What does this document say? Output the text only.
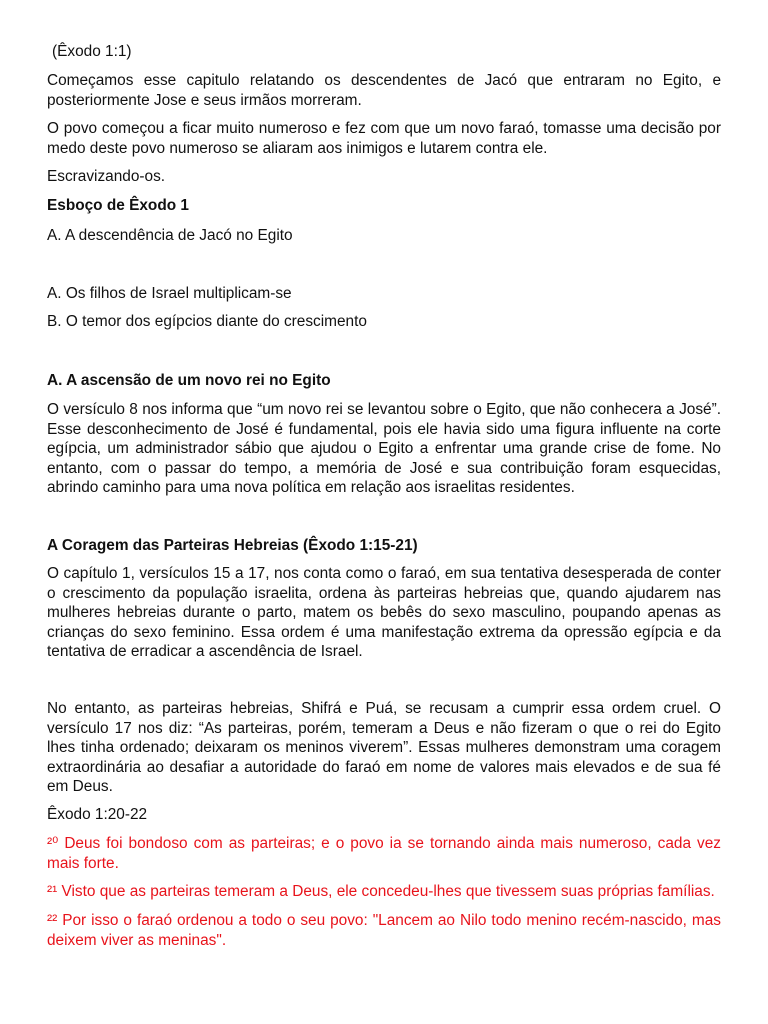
(Êxodo 1:1)

Começamos esse capitulo relatando os descendentes de Jacó que entraram no Egito, e posteriormente Jose e seus irmãos morreram.

O povo começou a ficar muito numeroso e fez com que um novo faraó, tomasse uma decisão por medo deste povo numeroso se aliaram aos inimigos e lutarem contra ele.

Escravizando-os.

Esboço de Êxodo 1

A. A descendência de Jacó no Egito

A. Os filhos de Israel multiplicam-se

B. O temor dos egípcios diante do crescimento

A. A ascensão de um novo rei no Egito

O versículo 8 nos informa que “um novo rei se levantou sobre o Egito, que não conhecera a José”. Esse desconhecimento de José é fundamental, pois ele havia sido uma figura influente na corte egípcia, um administrador sábio que ajudou o Egito a enfrentar uma grande crise de fome. No entanto, com o passar do tempo, a memória de José e sua contribuição foram esquecidas, abrindo caminho para uma nova política em relação aos israelitas residentes.

A Coragem das Parteiras Hebreias (Êxodo 1:15-21)

O capítulo 1, versículos 15 a 17, nos conta como o faraó, em sua tentativa desesperada de conter o crescimento da população israelita, ordena às parteiras hebreias que, quando ajudarem nas mulheres hebreias durante o parto, matem os bebês do sexo masculino, poupando apenas as crianças do sexo feminino. Essa ordem é uma manifestação extrema da opressão egípcia e da tentativa de erradicar a ascendência de Israel.

No entanto, as parteiras hebreias, Shifrá e Puá, se recusam a cumprir essa ordem cruel. O versículo 17 nos diz: “As parteiras, porém, temeram a Deus e não fizeram o que o rei do Egito lhes tinha ordenado; deixaram os meninos viverem”. Essas mulheres demonstram uma coragem extraordinária ao desafiar a autoridade do faraó em nome de valores mais elevados e de sua fé em Deus.

Êxodo 1:20-22

²⁰ Deus foi bondoso com as parteiras; e o povo ia se tornando ainda mais numeroso, cada vez mais forte.

²¹ Visto que as parteiras temeram a Deus, ele concedeu-lhes que tivessem suas próprias famílias.

²² Por isso o faraó ordenou a todo o seu povo: "Lancem ao Nilo todo menino recém-nascido, mas deixem viver as meninas".
